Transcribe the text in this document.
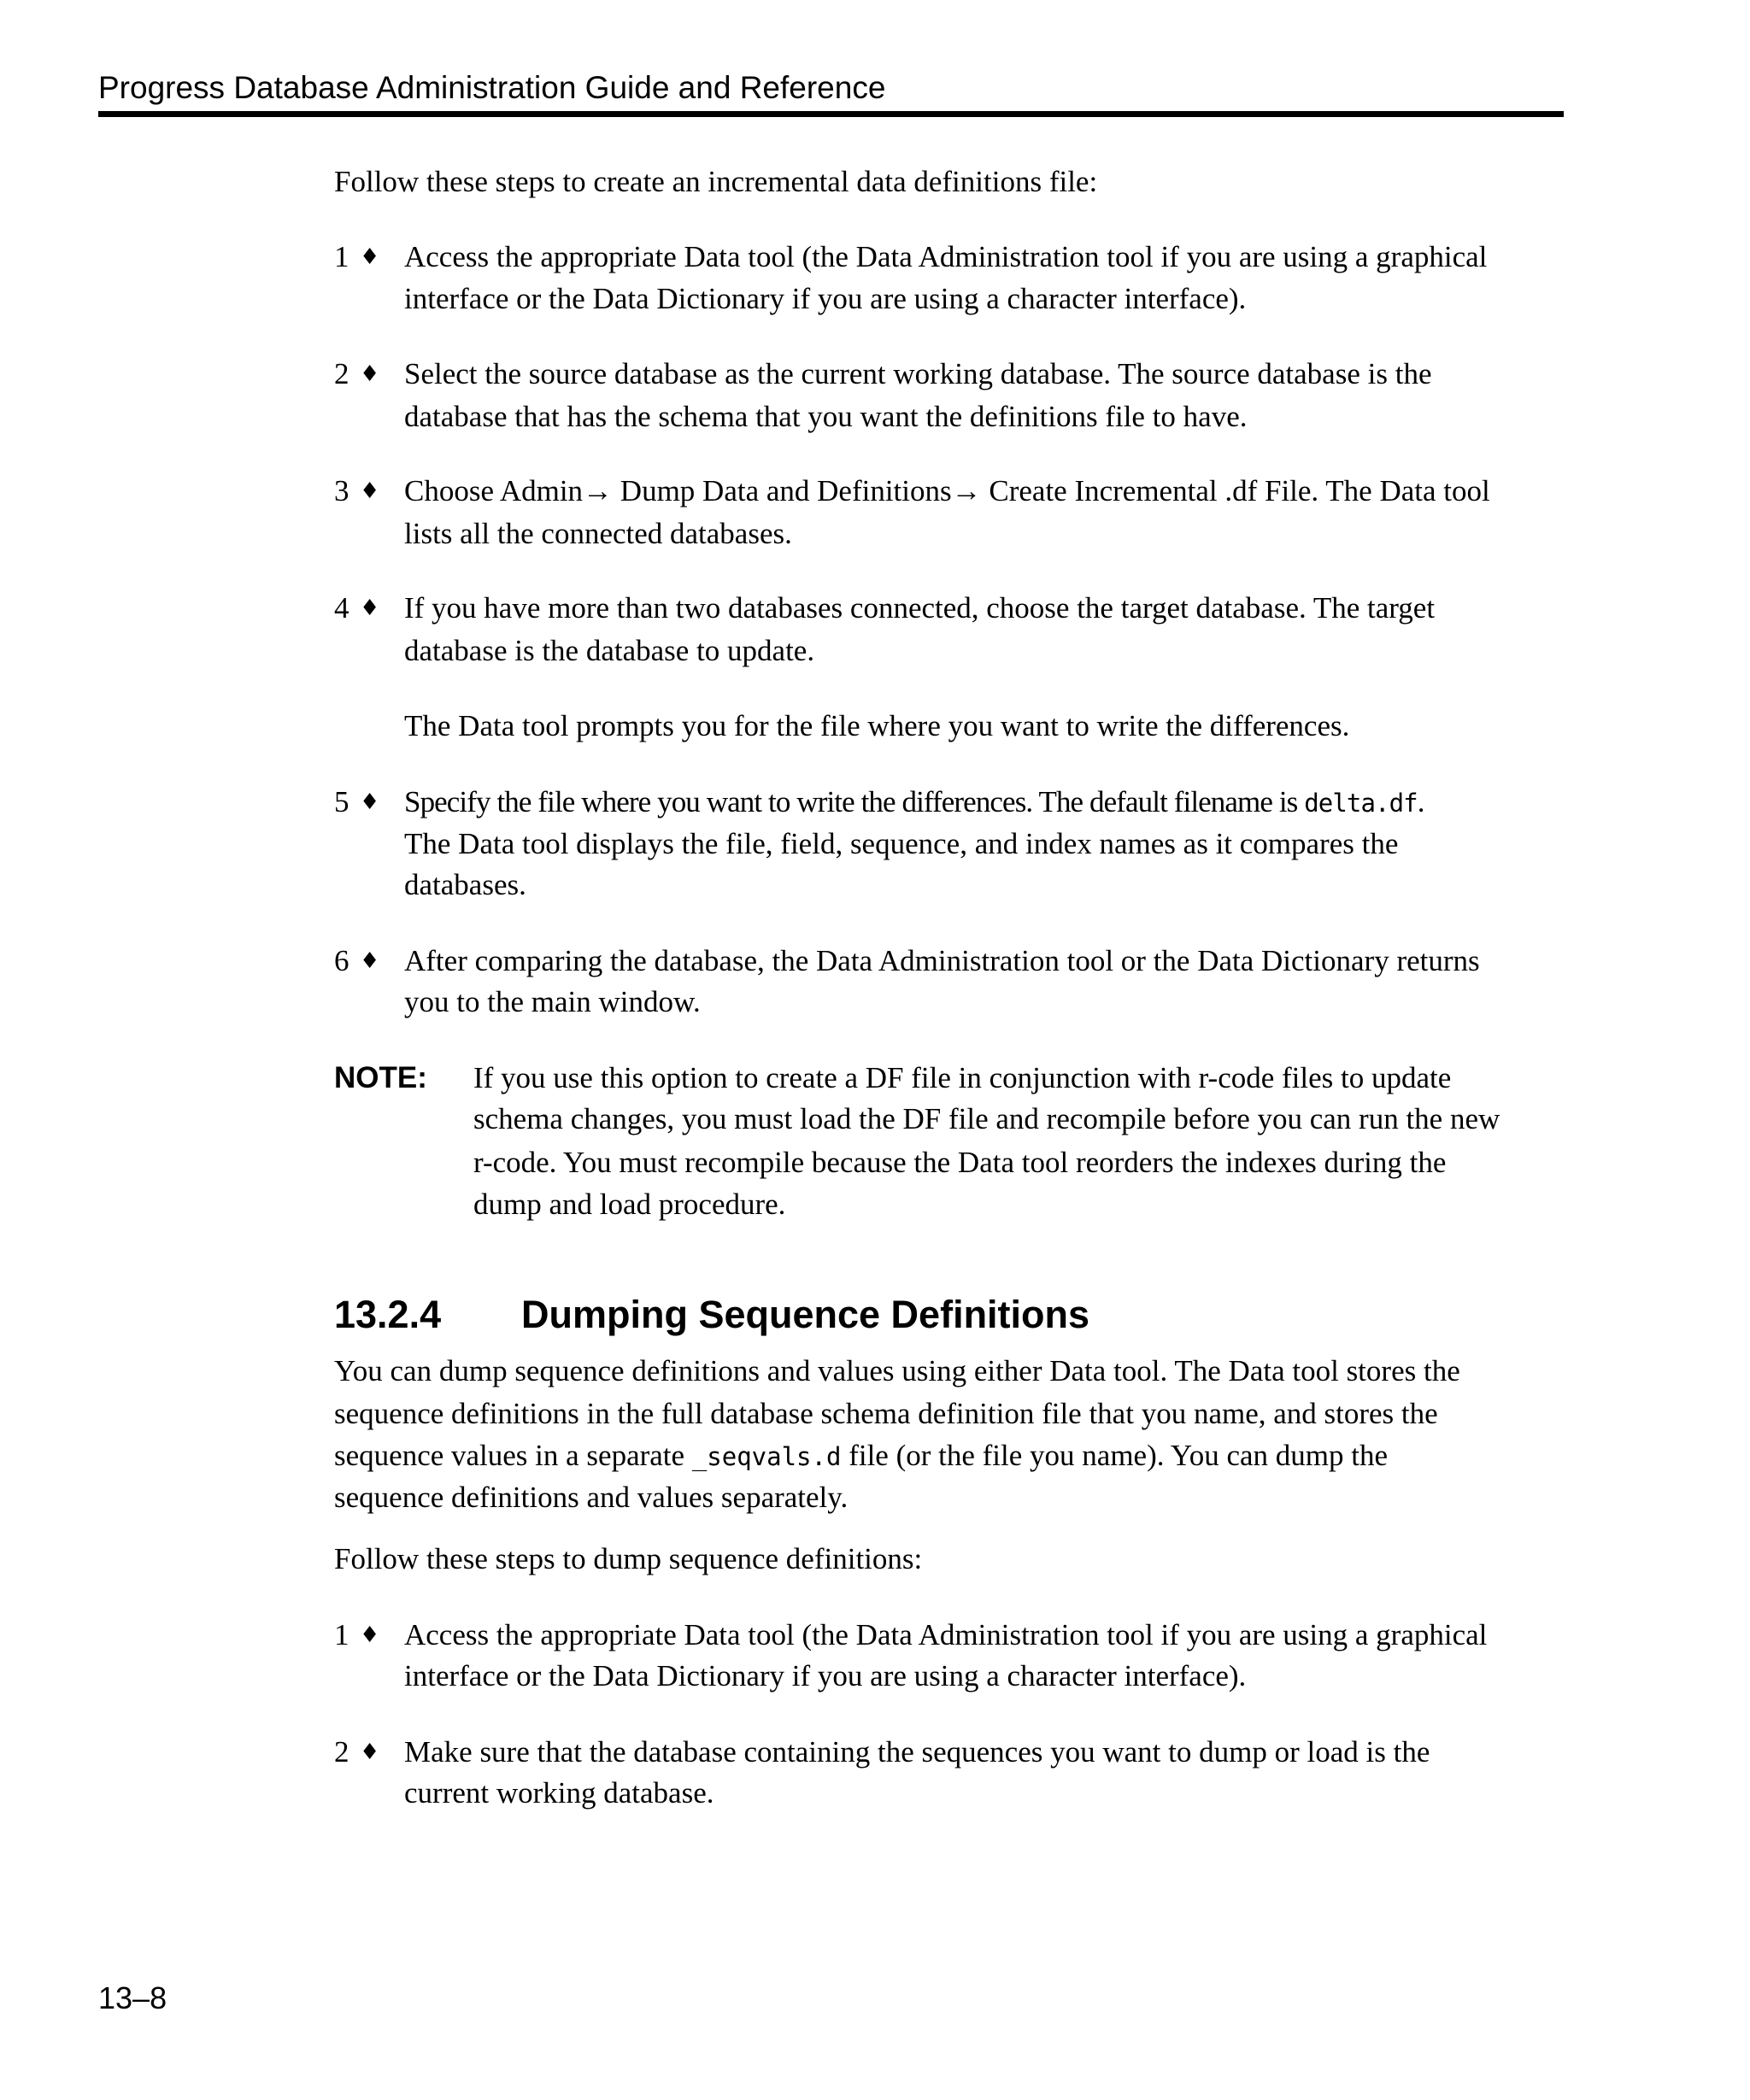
Progress Database Administration Guide and Reference
Follow these steps to create an incremental data definitions file:
1 ♦ Access the appropriate Data tool (the Data Administration tool if you are using a graphical
interface or the Data Dictionary if you are using a character interface).
2 ♦ Select the source database as the current working database. The source database is the
database that has the schema that you want the definitions file to have.
3 ♦ Choose Admin→ Dump Data and Definitions→ Create Incremental .df File. The Data tool
lists all the connected databases.
4 ♦ If you have more than two databases connected, choose the target database. The target
database is the database to update.
The Data tool prompts you for the file where you want to write the differences.
5 ♦ Specify the file where you want to write the differences. The default filename is delta.df.
The Data tool displays the file, field, sequence, and index names as it compares the
databases.
6 ♦ After comparing the database, the Data Administration tool or the Data Dictionary returns
you to the main window.
NOTE: If you use this option to create a DF file in conjunction with r-code files to update
schema changes, you must load the DF file and recompile before you can run the new
r-code. You must recompile because the Data tool reorders the indexes during the
dump and load procedure.
13.2.4 Dumping Sequence Definitions
You can dump sequence definitions and values using either Data tool. The Data tool stores the
sequence definitions in the full database schema definition file that you name, and stores the
sequence values in a separate _seqvals.d file (or the file you name). You can dump the
sequence definitions and values separately.
Follow these steps to dump sequence definitions:
1 ♦ Access the appropriate Data tool (the Data Administration tool if you are using a graphical
interface or the Data Dictionary if you are using a character interface).
2 ♦ Make sure that the database containing the sequences you want to dump or load is the
current working database.
13–8
